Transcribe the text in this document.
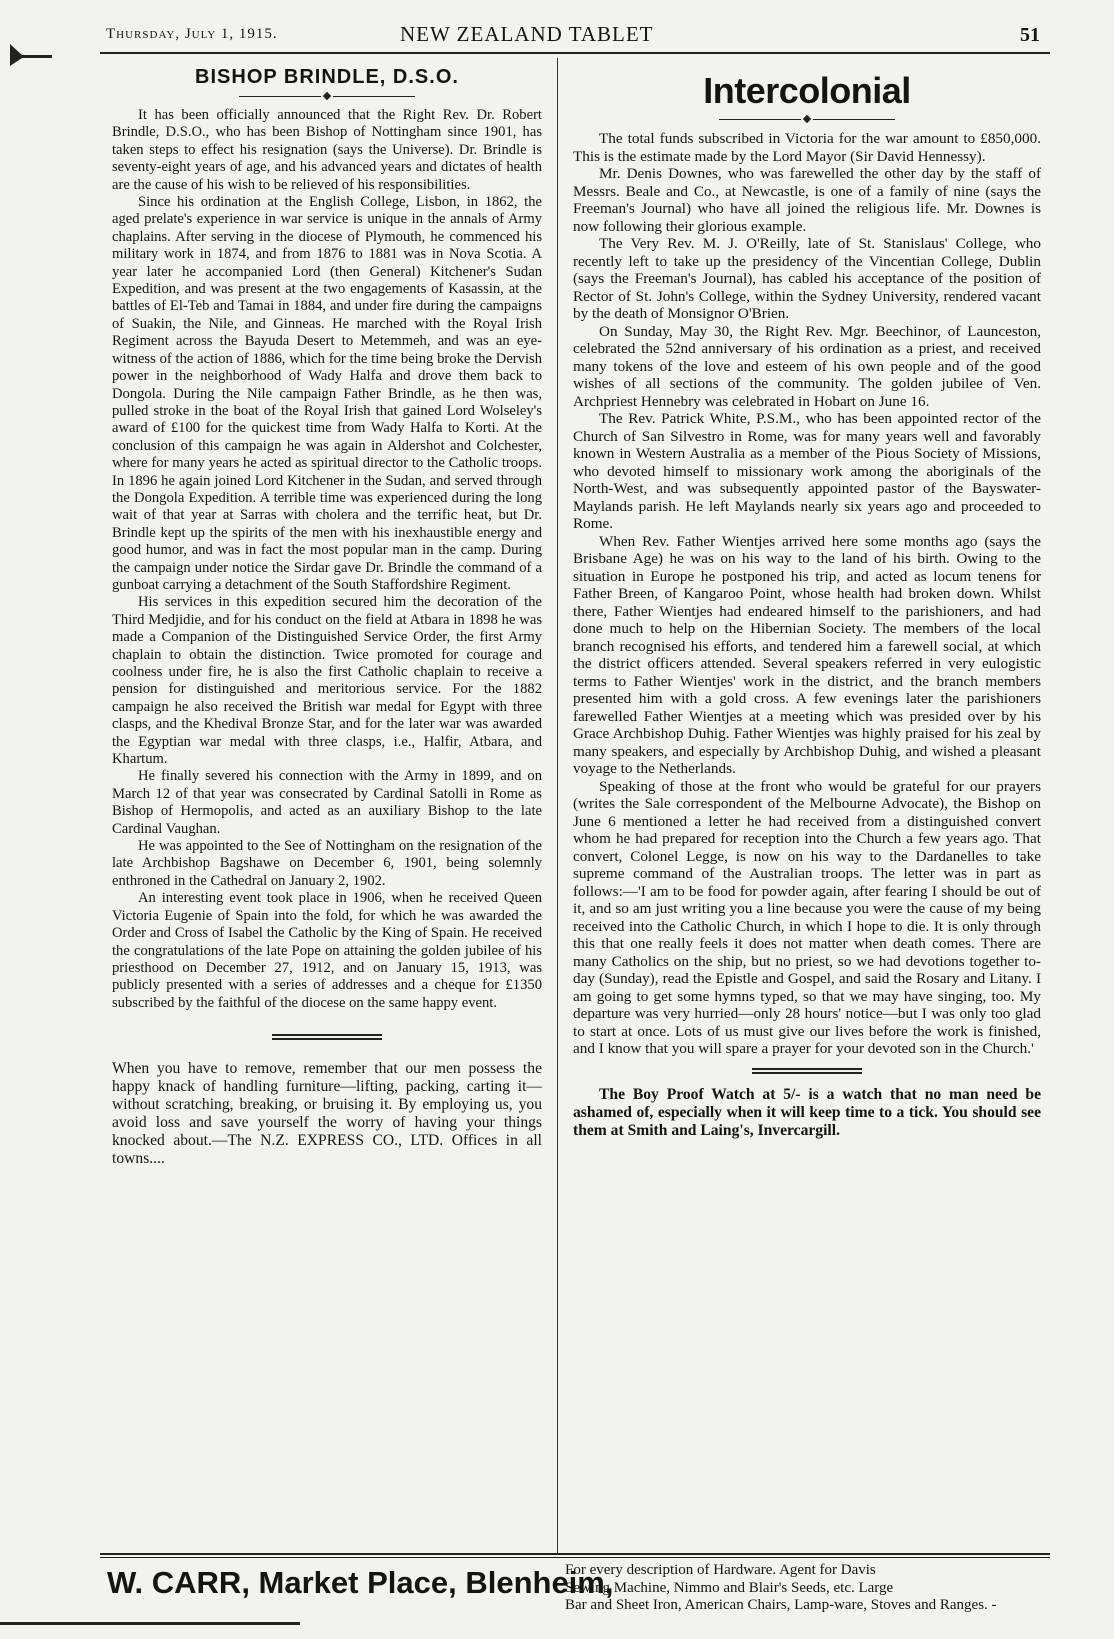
Thursday, July 1, 1915.	NEW ZEALAND TABLET	51
BISHOP BRINDLE, D.S.O.

It has been officially announced that the Right Rev. Dr. Robert Brindle, D.S.O., who has been Bishop of Nottingham since 1901, has taken steps to effect his resignation (says the Universe). Dr. Brindle is seventy-eight years of age, and his advanced years and dictates of health are the cause of his wish to be relieved of his responsibilities.

Since his ordination at the English College, Lisbon, in 1862, the aged prelate's experience in war service is unique in the annals of Army chaplains. After serving in the diocese of Plymouth, he commenced his military work in 1874, and from 1876 to 1881 was in Nova Scotia. A year later he accompanied Lord (then General) Kitchener's Sudan Expedition, and was present at the two engagements of Kasassin, at the battles of El-Teb and Tamai in 1884, and under fire during the campaigns of Suakin, the Nile, and Ginneas. He marched with the Royal Irish Regiment across the Bayuda Desert to Metemmeh, and was an eye-witness of the action of 1886, which for the time being broke the Dervish power in the neighborhood of Wady Halfa and drove them back to Dongola. During the Nile campaign Father Brindle, as he then was, pulled stroke in the boat of the Royal Irish that gained Lord Wolseley's award of £100 for the quickest time from Wady Halfa to Korti. At the conclusion of this campaign he was again in Aldershot and Colchester, where for many years he acted as spiritual director to the Catholic troops. In 1896 he again joined Lord Kitchener in the Sudan, and served through the Dongola Expedition. A terrible time was experienced during the long wait of that year at Sarras with cholera and the terrific heat, but Dr. Brindle kept up the spirits of the men with his inexhaustible energy and good humor, and was in fact the most popular man in the camp. During the campaign under notice the Sirdar gave Dr. Brindle the command of a gunboat carrying a detachment of the South Staffordshire Regiment.

His services in this expedition secured him the decoration of the Third Medjidie, and for his conduct on the field at Atbara in 1898 he was made a Companion of the Distinguished Service Order, the first Army chaplain to obtain the distinction. Twice promoted for courage and coolness under fire, he is also the first Catholic chaplain to receive a pension for distinguished and meritorious service. For the 1882 campaign he also received the British war medal for Egypt with three clasps, and the Khedival Bronze Star, and for the later war was awarded the Egyptian war medal with three clasps, i.e., Halfir, Atbara, and Khartum.

He finally severed his connection with the Army in 1899, and on March 12 of that year was consecrated by Cardinal Satolli in Rome as Bishop of Hermopolis, and acted as an auxiliary Bishop to the late Cardinal Vaughan.

He was appointed to the See of Nottingham on the resignation of the late Archbishop Bagshawe on December 6, 1901, being solemnly enthroned in the Cathedral on January 2, 1902.

An interesting event took place in 1906, when he received Queen Victoria Eugenie of Spain into the fold, for which he was awarded the Order and Cross of Isabel the Catholic by the King of Spain. He received the congratulations of the late Pope on attaining the golden jubilee of his priesthood on December 27, 1912, and on January 15, 1913, was publicly presented with a series of addresses and a cheque for £1350 subscribed by the faithful of the diocese on the same happy event.

When you have to remove, remember that our men possess the happy knack of handling furniture—lifting, packing, carting it—without scratching, breaking, or bruising it. By employing us, you avoid loss and save yourself the worry of having your things knocked about.—The N.Z. EXPRESS CO., LTD. Offices in all towns....

Intercolonial

The total funds subscribed in Victoria for the war amount to £850,000. This is the estimate made by the Lord Mayor (Sir David Hennessy).

Mr. Denis Downes, who was farewelled the other day by the staff of Messrs. Beale and Co., at Newcastle, is one of a family of nine (says the Freeman's Journal) who have all joined the religious life. Mr. Downes is now following their glorious example.

The Very Rev. M. J. O'Reilly, late of St. Stanislaus' College, who recently left to take up the presidency of the Vincentian College, Dublin (says the Freeman's Journal), has cabled his acceptance of the position of Rector of St. John's College, within the Sydney University, rendered vacant by the death of Monsignor O'Brien.

On Sunday, May 30, the Right Rev. Mgr. Beechinor, of Launceston, celebrated the 52nd anniversary of his ordination as a priest, and received many tokens of the love and esteem of his own people and of the good wishes of all sections of the community. The golden jubilee of Ven. Archpriest Hennebry was celebrated in Hobart on June 16.

The Rev. Patrick White, P.S.M., who has been appointed rector of the Church of San Silvestro in Rome, was for many years well and favorably known in Western Australia as a member of the Pious Society of Missions, who devoted himself to missionary work among the aboriginals of the North-West, and was subsequently appointed pastor of the Bayswater-Maylands parish. He left Maylands nearly six years ago and proceeded to Rome.

When Rev. Father Wientjes arrived here some months ago (says the Brisbane Age) he was on his way to the land of his birth. Owing to the situation in Europe he postponed his trip, and acted as locum tenens for Father Breen, of Kangaroo Point, whose health had broken down. Whilst there, Father Wientjes had endeared himself to the parishioners, and had done much to help on the Hibernian Society. The members of the local branch recognised his efforts, and tendered him a farewell social, at which the district officers attended. Several speakers referred in very eulogistic terms to Father Wientjes' work in the district, and the branch members presented him with a gold cross. A few evenings later the parishioners farewelled Father Wientjes at a meeting which was presided over by his Grace Archbishop Duhig. Father Wientjes was highly praised for his zeal by many speakers, and especially by Archbishop Duhig, and wished a pleasant voyage to the Netherlands.

Speaking of those at the front who would be grateful for our prayers (writes the Sale correspondent of the Melbourne Advocate), the Bishop on June 6 mentioned a letter he had received from a distinguished convert whom he had prepared for reception into the Church a few years ago. That convert, Colonel Legge, is now on his way to the Dardanelles to take supreme command of the Australian troops. The letter was in part as follows:—'I am to be food for powder again, after fearing I should be out of it, and so am just writing you a line because you were the cause of my being received into the Catholic Church, in which I hope to die. It is only through this that one really feels it does not matter when death comes. There are many Catholics on the ship, but no priest, so we had devotions together to-day (Sunday), read the Epistle and Gospel, and said the Rosary and Litany. I am going to get some hymns typed, so that we may have singing, too. My departure was very hurried—only 28 hours' notice—but I was only too glad to start at once. Lots of us must give our lives before the work is finished, and I know that you will spare a prayer for your devoted son in the Church.'

The Boy Proof Watch at 5/- is a watch that no man need be ashamed of, especially when it will keep time to a tick. You should see them at Smith and Laing's, Invercargill.

W. CARR, Market Place, Blenheim,
For every description of Hardware. Agent for Davis
Sewing Machine, Nimmo and Blair's Seeds, etc. Large
Bar and Sheet Iron, American Chairs, Lamp-ware, Stoves and Ranges. -
